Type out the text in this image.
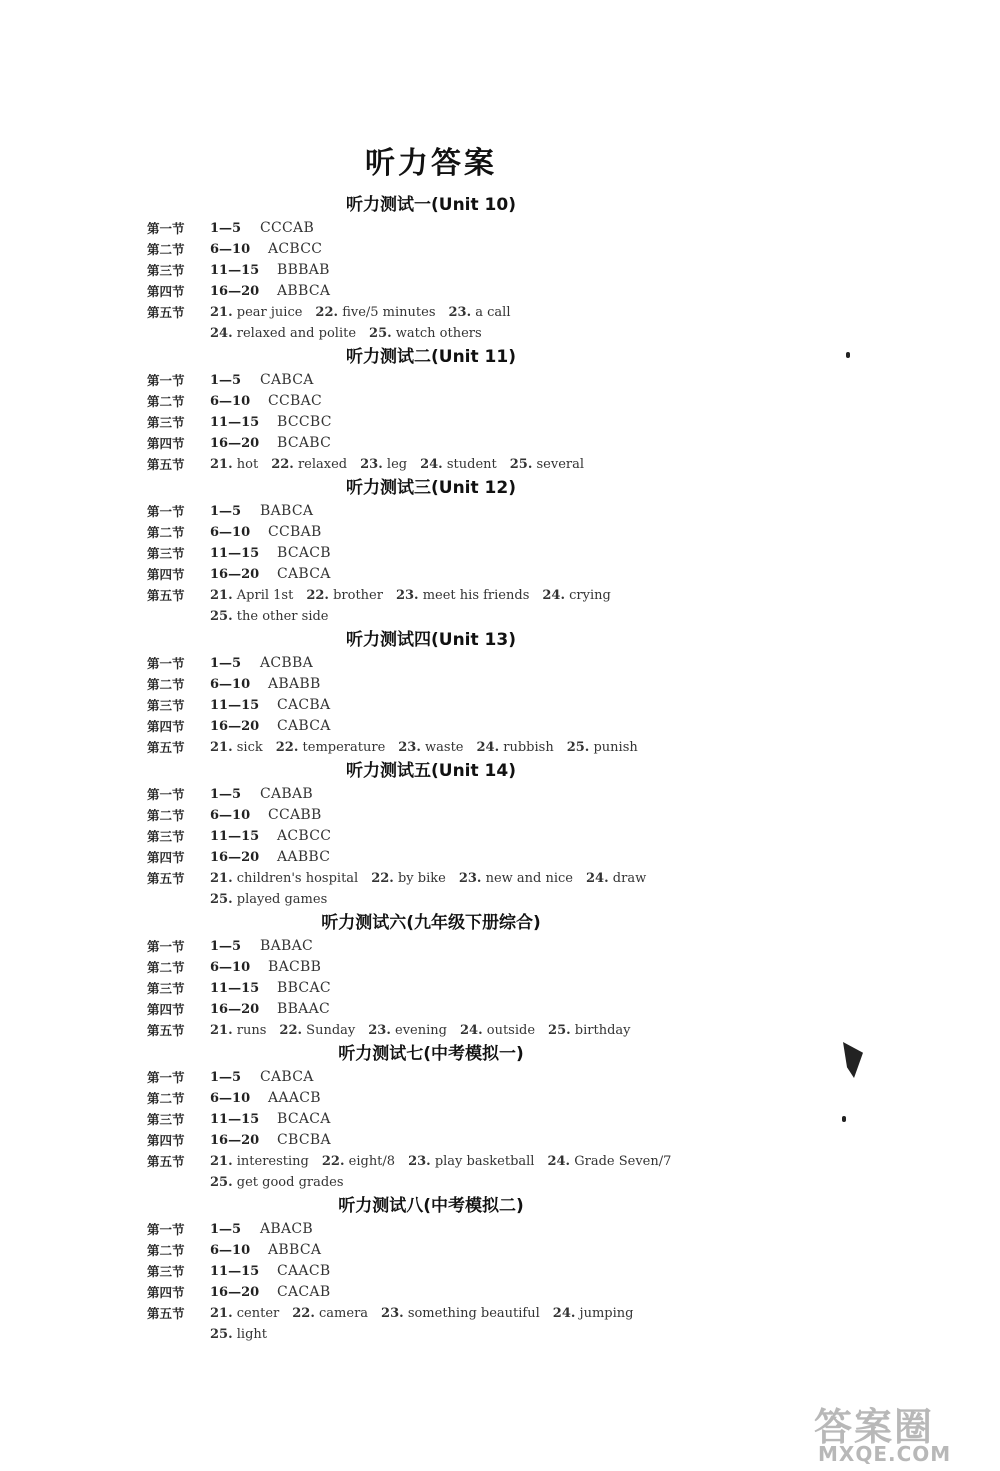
听力答案
听力测试一(Unit 10)
第一节 1—5 CCCAB
第二节 6—10 ACBCC
第三节 11—15 BBBAB
第四节 16—20 ABBCA
第五节 21. pear juice 22. five/5 minutes 23. a call
24. relaxed and polite 25. watch others
听力测试二(Unit 11)
第一节 1—5 CABCA
第二节 6—10 CCBAC
第三节 11—15 BCCBC
第四节 16—20 BCABC
第五节 21. hot 22. relaxed 23. leg 24. student 25. several
听力测试三(Unit 12)
第一节 1—5 BABCA
第二节 6—10 CCBAB
第三节 11—15 BCACB
第四节 16—20 CABCA
第五节 21. April 1st 22. brother 23. meet his friends 24. crying
25. the other side
听力测试四(Unit 13)
第一节 1—5 ACBBA
第二节 6—10 ABABB
第三节 11—15 CACBA
第四节 16—20 CABCA
第五节 21. sick 22. temperature 23. waste 24. rubbish 25. punish
听力测试五(Unit 14)
第一节 1—5 CABAB
第二节 6—10 CCABB
第三节 11—15 ACBCC
第四节 16—20 AABBC
第五节 21. children's hospital 22. by bike 23. new and nice 24. draw
25. played games
听力测试六(九年级下册综合)
第一节 1—5 BABAC
第二节 6—10 BACBB
第三节 11—15 BBCAC
第四节 16—20 BBAAC
第五节 21. runs 22. Sunday 23. evening 24. outside 25. birthday
听力测试七(中考模拟一)
第一节 1—5 CABCA
第二节 6—10 AAACB
第三节 11—15 BCACA
第四节 16—20 CBCBA
第五节 21. interesting 22. eight/8 23. play basketball 24. Grade Seven/7
25. get good grades
听力测试八(中考模拟二)
第一节 1—5 ABACB
第二节 6—10 ABBCA
第三节 11—15 CAACB
第四节 16—20 CACAB
第五节 21. center 22. camera 23. something beautiful 24. jumping
25. light
答案圈
MXQE.COM
